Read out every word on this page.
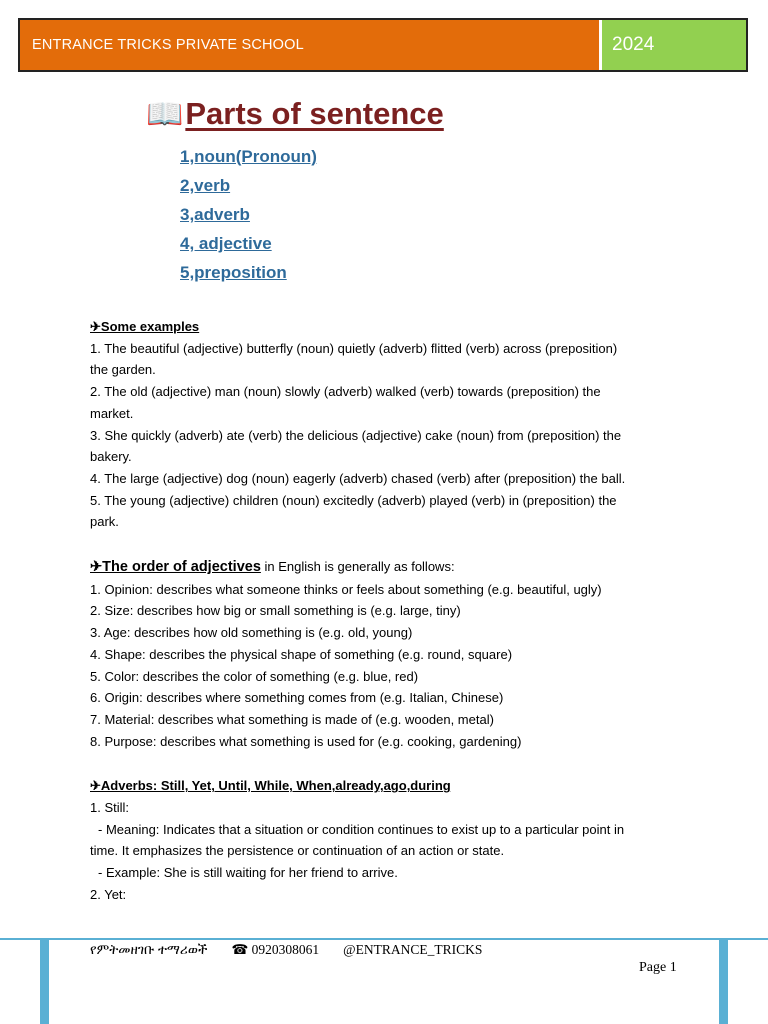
ENTRANCE TRICKS PRIVATE SCHOOL	2024
📖 Parts of sentence
1,noun(Pronoun)
2,verb
3,adverb
4, adjective
5,preposition
✈Some examples
1. The beautiful (adjective) butterfly (noun) quietly (adverb) flitted (verb) across (preposition)
the garden.
2. The old (adjective) man (noun) slowly (adverb) walked (verb) towards (preposition) the
market.
3. She quickly (adverb) ate (verb) the delicious (adjective) cake (noun) from (preposition) the
bakery.
4. The large (adjective) dog (noun) eagerly (adverb) chased (verb) after (preposition) the ball.
5. The young (adjective) children (noun) excitedly (adverb) played (verb) in (preposition) the
park.
✈The order of adjectives in English is generally as follows:
1. Opinion: describes what someone thinks or feels about something (e.g. beautiful, ugly)
2. Size: describes how big or small something is (e.g. large, tiny)
3. Age: describes how old something is (e.g. old, young)
4. Shape: describes the physical shape of something (e.g. round, square)
5. Color: describes the color of something (e.g. blue, red)
6. Origin: describes where something comes from (e.g. Italian, Chinese)
7. Material: describes what something is made of (e.g. wooden, metal)
8. Purpose: describes what something is used for (e.g. cooking, gardening)
✈Adverbs: Still, Yet, Until, While, When,already,ago,during
1. Still:
- Meaning: Indicates that a situation or condition continues to exist up to a particular point in
time. It emphasizes the persistence or continuation of an action or state.
- Example: She is still waiting for her friend to arrive.
2. Yet:
የምትመዘገቡ ተማሪወች ☎ 0920308061 @ENTRANCE_TRICKS
Page 1
